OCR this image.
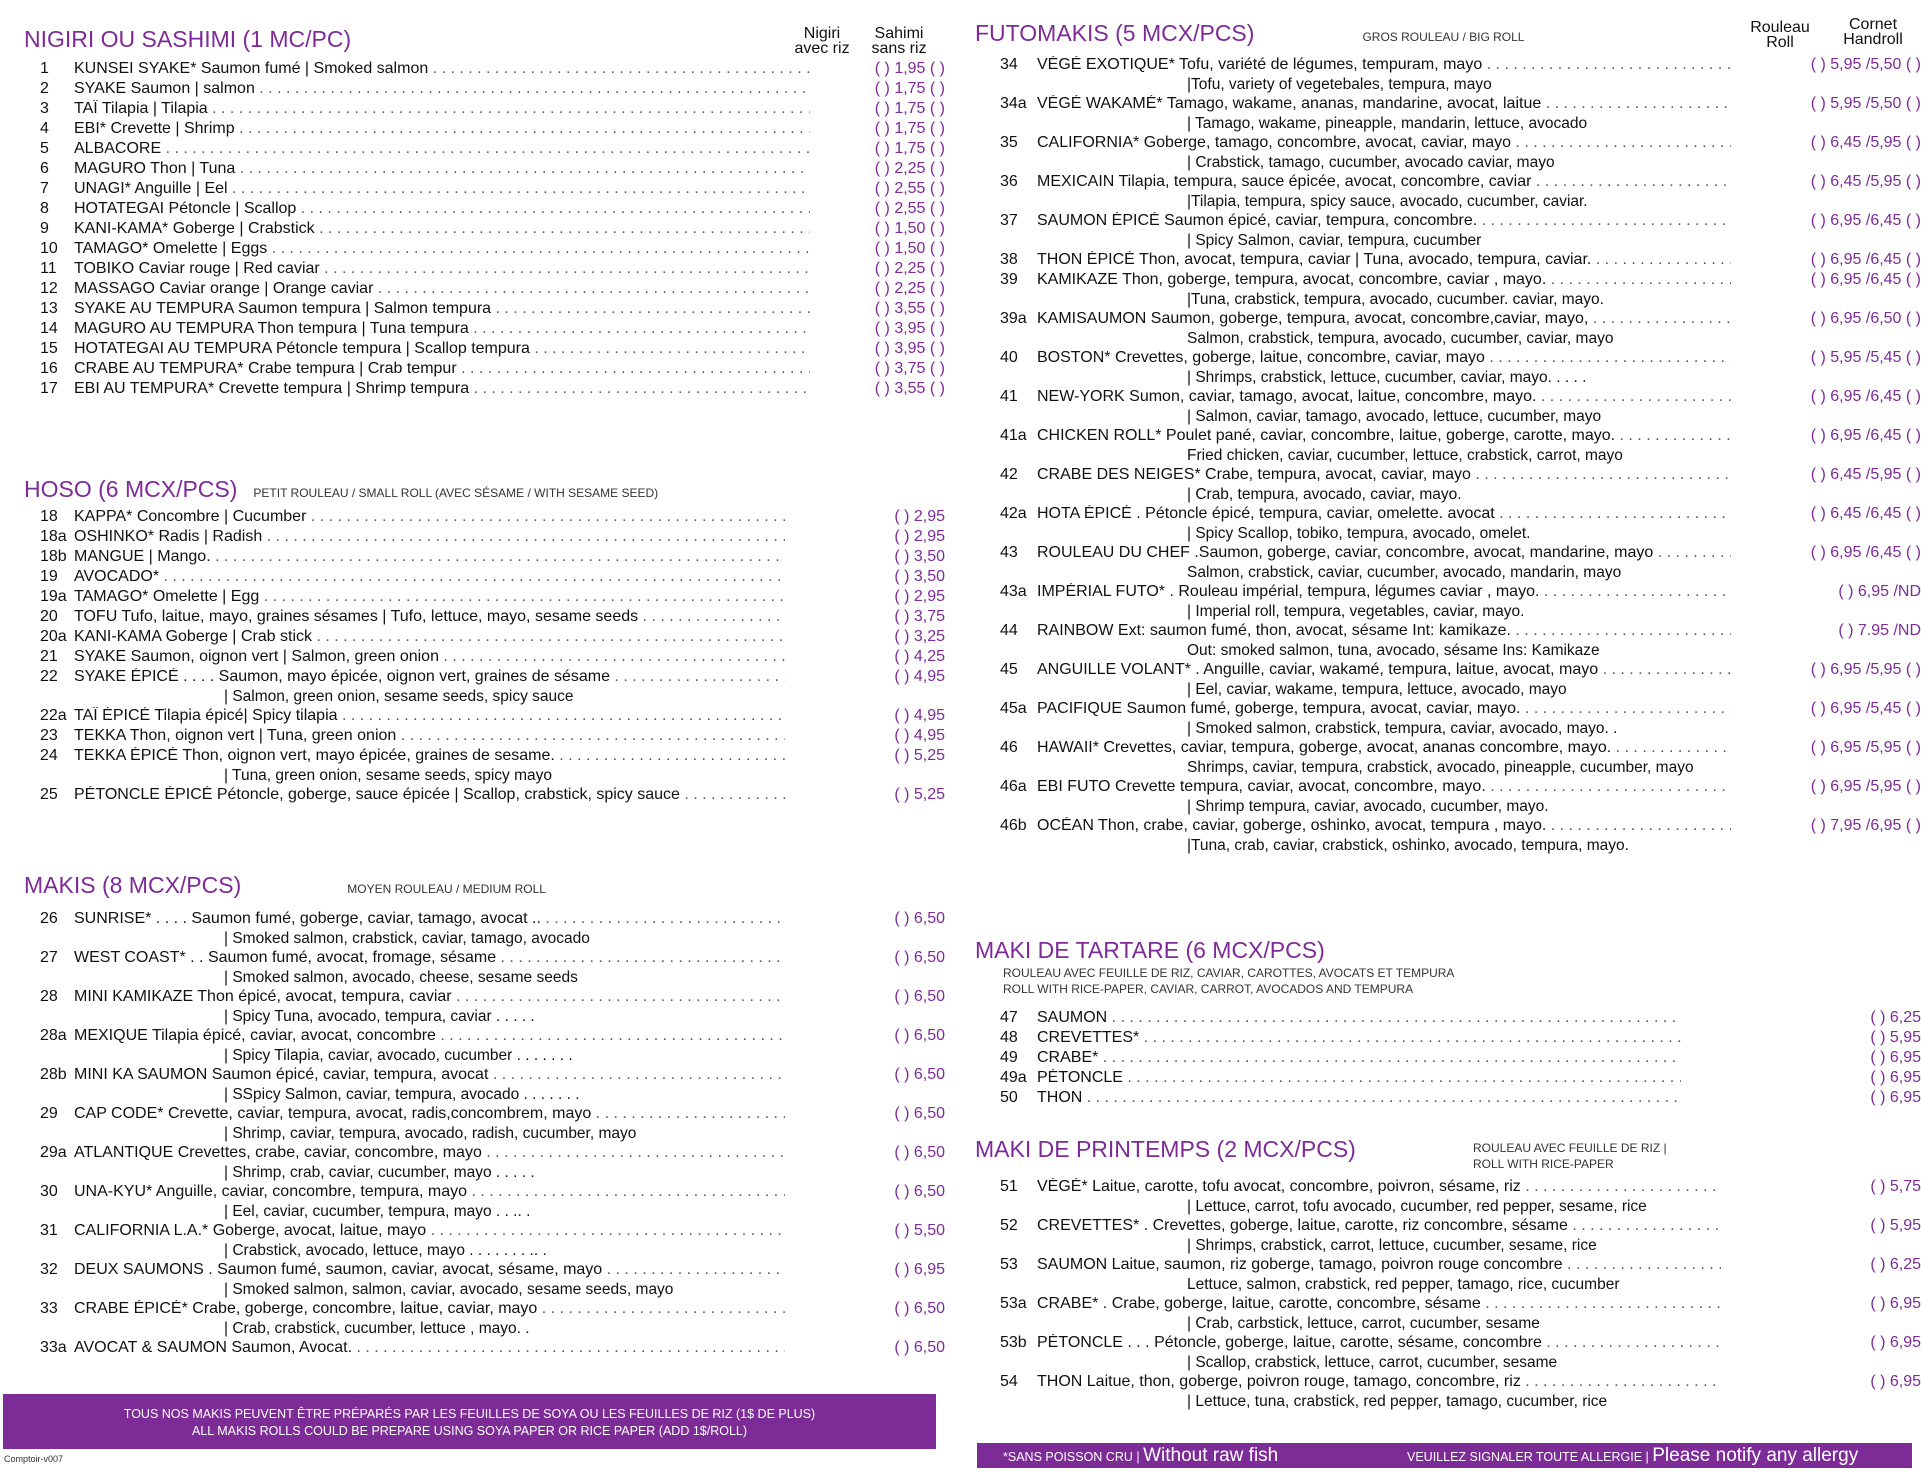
NIGIRI OU SASHIMI (1 MC/PC)	Nigiri
avec riz
Sahimi
sans riz
1 KUNSEI SYAKE* Saumon fumé | Smoked salmon . . .	( ) 1,95 ( )
2 SYAKE Saumon | salmon . . .	( ) 1,75 ( )
3 TAÏ Tilapia | Tilapia . . .	( ) 1,75 ( )
4 EBI* Crevette | Shrimp . . .	( ) 1,75 ( )
5 ALBACORE . . .	( ) 1,75 ( )
6 MAGURO Thon | Tuna . . .	( ) 2,25 ( )
7 UNAGI* Anguille | Eel . . .	( ) 2,55 ( )
8 HOTATEGAI Pétoncle | Scallop . . .	( ) 2,55 ( )
9 KANI-KAMA* Goberge | Crabstick . . .	( ) 1,50 ( )
10 TAMAGO* Omelette | Eggs . . .	( ) 1,50 ( )
11 TOBIKO Caviar rouge | Red caviar . . .	( ) 2,25 ( )
12 MASSAGO Caviar orange | Orange caviar . . .	( ) 2,25 ( )
13 SYAKE AU TEMPURA Saumon tempura | Salmon tempura . . .	( ) 3,55 ( )
14 MAGURO AU TEMPURA Thon tempura | Tuna tempura . . .	( ) 3,95 ( )
15 HOTATEGAI AU TEMPURA Pétoncle tempura | Scallop tempura . . .	( ) 3,95 ( )
16 CRABE AU TEMPURA* Crabe tempura | Crab tempur . . .	( ) 3,75 ( )
17 EBI AU TEMPURA* Crevette tempura | Shrimp tempura . . .	( ) 3,55 ( )
HOSO (6 MCX/PCS) PETIT ROULEAU / SMALL ROLL (AVEC SÉSAME / WITH SESAME SEED)
18 KAPPA* Concombre | Cucumber . . .	( ) 2,95
18a OSHINKO* Radis | Radish . . .	( ) 2,95
18b MANGUE | Mango. . . .	( ) 3,50
19 AVOCADO* . . .	( ) 3,50
19a TAMAGO* Omelette | Egg . . .	( ) 2,95
20 TOFU Tufo, laitue, mayo, graines sésames | Tufo, lettuce, mayo, sesame seeds . . .	( ) 3,75
20a KANI-KAMA Goberge | Crab stick . . .	( ) 3,25
21 SYAKE Saumon, oignon vert | Salmon, green onion . . .	( ) 4,25
22 SYAKE ÉPICÉ . . . . Saumon, mayo épicée, oignon vert, graines de sésame . . .	( ) 4,95
| Salmon, green onion, sesame seeds, spicy sauce
22a TAÏ ÉPICÉ Tilapia épicé| Spicy tilapia . . .	( ) 4,95
23 TEKKA Thon, oignon vert | Tuna, green onion . . .	( ) 4,95
24 TEKKA ÉPICÉ Thon, oignon vert, mayo épicée, graines de sesame. . . .	( ) 5,25
| Tuna, green onion, sesame seeds, spicy mayo
25 PÉTONCLE ÉPICÉ Pétoncle, goberge, sauce épicée | Scallop, crabstick, spicy sauce . . .	( ) 5,25
MAKIS (8 MCX/PCS)	MOYEN ROULEAU / MEDIUM ROLL
26 SUNRISE* . . . . Saumon fumé, goberge, caviar, tamago, avocat .. . . .	( ) 6,50
| Smoked salmon, crabstick, caviar, tamago, avocado
27 WEST COAST* . . Saumon fumé, avocat, fromage, sésame . . .	( ) 6,50
| Smoked salmon, avocado, cheese, sesame seeds
28 MINI KAMIKAZE Thon épicé, avocat, tempura, caviar . . .	( ) 6,50
| Spicy Tuna, avocado, tempura, caviar . . . . .
28a MEXIQUE Tilapia épicé, caviar, avocat, concombre . . .	( ) 6,50
| Spicy Tilapia, caviar, avocado, cucumber . . . . . . .
28b MINI KA SAUMON Saumon épicé, caviar, tempura, avocat . . .	( ) 6,50
| SSpicy Salmon, caviar, tempura, avocado . . . . . . .
29 CAP CODE* Crevette, caviar, tempura, avocat, radis,concombrem, mayo . . .	( ) 6,50
| Shrimp, caviar, tempura, avocado, radish, cucumber, mayo
29a ATLANTIQUE Crevettes, crabe, caviar, concombre, mayo . . .	( ) 6,50
| Shrimp, crab, caviar, cucumber, mayo . . . . .
30 UNA-KYU* Anguille, caviar, concombre, tempura, mayo . . .	( ) 6,50
| Eel, caviar, cucumber, tempura, mayo . . .. .
31 CALIFORNIA L.A.* Goberge, avocat, laitue, mayo . . .	( ) 5,50
| Crabstick, avocado, lettuce, mayo . . . . . . . .. .
32 DEUX SAUMONS . Saumon fumé, saumon, caviar, avocat, sésame, mayo . . .	( ) 6,95
| Smoked salmon, salmon, caviar, avocado, sesame seeds, mayo
33 CRABE ÉPICÉ* Crabe, goberge, concombre, laitue, caviar, mayo . . .	( ) 6,50
| Crab, crabstick, cucumber, lettuce , mayo. .
33a AVOCAT & SAUMON Saumon, Avocat. . . .	( ) 6,50
TOUS NOS MAKIS PEUVENT ÊTRE PRÉPARÉS PAR LES FEUILLES DE SOYA OU LES FEUILLES DE RIZ (1$ DE PLUS)
ALL MAKIS ROLLS COULD BE PREPARE USING SOYA PAPER OR RICE PAPER (ADD 1$/ROLL)
Comptoir-v007
FUTOMAKIS (5 MCX/PCS)	GROS ROULEAU / BIG ROLL
Rouleau
Roll
Cornet
Handroll
34 VÉGÉ EXOTIQUE* Tofu, variété de légumes, tempuram, mayo . . .	( ) 5,95 /5,50 ( )
|Tofu, variety of vegetebales, tempura, mayo
34a VÉGÉ WAKAMÉ* Tamago, wakame, ananas, mandarine, avocat, laitue . . .	( ) 5,95 /5,50 ( )
| Tamago, wakame, pineapple, mandarin, lettuce, avocado
35 CALIFORNIA* Goberge, tamago, concombre, avocat, caviar, mayo . . .	( ) 6,45 /5,95 ( )
| Crabstick, tamago, cucumber, avocado caviar, mayo
36 MEXICAIN Tilapia, tempura, sauce épicée, avocat, concombre, caviar . . .	( ) 6,45 /5,95 ( )
|Tilapia, tempura, spicy sauce, avocado, cucumber, caviar.
37 SAUMON ÉPICÉ Saumon épicé, caviar, tempura, concombre. . . .	( ) 6,95 /6,45 ( )
| Spicy Salmon, caviar, tempura, cucumber
38 THON ÉPICÉ Thon, avocat, tempura, caviar | Tuna, avocado, tempura, caviar. . . .	( ) 6,95 /6,45 ( )
39 KAMIKAZE Thon, goberge, tempura, avocat, concombre, caviar , mayo. . . .	( ) 6,95 /6,45 ( )
|Tuna, crabstick, tempura, avocado, cucumber. caviar, mayo.
39a KAMISAUMON Saumon, goberge, tempura, avocat, concombre,caviar, mayo, . . .	( ) 6,95 /6,50 ( )
Salmon, crabstick, tempura, avocado, cucumber, caviar, mayo
40 BOSTON* Crevettes, goberge, laitue, concombre, caviar, mayo . . .	( ) 5,95 /5,45 ( )
| Shrimps, crabstick, lettuce, cucumber, caviar, mayo. . . . .
41 NEW-YORK Sumon, caviar, tamago, avocat, laitue, concombre, mayo. . . .	( ) 6,95 /6,45 ( )
| Salmon, caviar, tamago, avocado, lettuce, cucumber, mayo
41a CHICKEN ROLL* Poulet pané, caviar, concombre, laitue, goberge, carotte, mayo. . . .	( ) 6,95 /6,45 ( )
Fried chicken, caviar, cucumber, lettuce, crabstick, carrot, mayo
42 CRABE DES NEIGES* Crabe, tempura, avocat, caviar, mayo . . .	( ) 6,45 /5,95 ( )
| Crab, tempura, avocado, caviar, mayo.
42a HOTA ÉPICÉ . Pétoncle épicé, tempura, caviar, omelette. avocat . . .	( ) 6,45 /6,45 ( )
| Spicy Scallop, tobiko, tempura, avocado, omelet.
43 ROULEAU DU CHEF .Saumon, goberge, caviar, concombre, avocat, mandarine, mayo . . .	( ) 6,95 /6,45 ( )
Salmon, crabstick, caviar, cucumber, avocado, mandarin, mayo
43a IMPÉRIAL FUTO* . Rouleau impérial, tempura, légumes caviar , mayo. . . .	( ) 6,95 /ND
| Imperial roll, tempura, vegetables, caviar, mayo.
44 RAINBOW Ext: saumon fumé, thon, avocat, sésame Int: kamikaze. . . .	( ) 7.95 /ND
Out: smoked salmon, tuna, avocado, sésame Ins: Kamikaze
45 ANGUILLE VOLANT* . Anguille, caviar, wakamé, tempura, laitue, avocat, mayo . . .	( ) 6,95 /5,95 ( )
| Eel, caviar, wakame, tempura, lettuce, avocado, mayo
45a PACIFIQUE Saumon fumé, goberge, tempura, avocat, caviar, mayo. . . .	( ) 6,95 /5,45 ( )
| Smoked salmon, crabstick, tempura, caviar, avocado, mayo. .
46 HAWAII* Crevettes, caviar, tempura, goberge, avocat, ananas concombre, mayo. . . .	( ) 6,95 /5,95 ( )
Shrimps, caviar, tempura, crabstick, avocado, pineapple, cucumber, mayo
46a EBI FUTO Crevette tempura, caviar, avocat, concombre, mayo. . . .	( ) 6,95 /5,95 ( )
| Shrimp tempura, caviar, avocado, cucumber, mayo.
46b OCÉAN Thon, crabe, caviar, goberge, oshinko, avocat, tempura , mayo. . . .	( ) 7,95 /6,95 ( )
|Tuna, crab, caviar, crabstick, oshinko, avocado, tempura, mayo.
MAKI DE TARTARE (6 MCX/PCS)
ROULEAU AVEC FEUILLE DE RIZ, CAVIAR, CAROTTES, AVOCATS ET TEMPURA
ROLL WITH RICE-PAPER, CAVIAR, CARROT, AVOCADOS AND TEMPURA
47 SAUMON . . .	( ) 6,25
48 CREVETTES* . . .	( ) 5,95
49 CRABE* . . .	( ) 6,95
49a PÉTONCLE . . .	( ) 6,95
50 THON . . .	( ) 6,95
MAKI DE PRINTEMPS (2 MCX/PCS)	ROULEAU AVEC FEUILLE DE RIZ |
ROLL WITH RICE-PAPER
51 VÉGÉ* Laitue, carotte, tofu avocat, concombre, poivron, sésame, riz . . .	( ) 5,75
| Lettuce, carrot, tofu avocado, cucumber, red pepper, sesame, rice
52 CREVETTES* . Crevettes, goberge, laitue, carotte, riz concombre, sésame . . .	( ) 5,95
| Shrimps, crabstick, carrot, lettuce, cucumber, sesame, rice
53 SAUMON Laitue, saumon, riz goberge, tamago, poivron rouge concombre . . .	( ) 6,25
Lettuce, salmon, crabstick, red pepper, tamago, rice, cucumber
53a CRABE* . Crabe, goberge, laitue, carotte, concombre, sésame . . .	( ) 6,95
| Crab, carbstick, lettuce, carrot, cucumber, sesame
53b PÉTONCLE . . . Pétoncle, goberge, laitue, carotte, sésame, concombre . . .	( ) 6,95
| Scallop, crabstick, lettuce, carrot, cucumber, sesame
54 THON Laitue, thon, goberge, poivron rouge, tamago, concombre, riz . . .	( ) 6,95
| Lettuce, tuna, crabstick, red pepper, tamago, cucumber, rice
*SANS POISSON CRU | Without raw fish	VEUILLEZ SIGNALER TOUTE ALLERGIE | Please notify any allergy
